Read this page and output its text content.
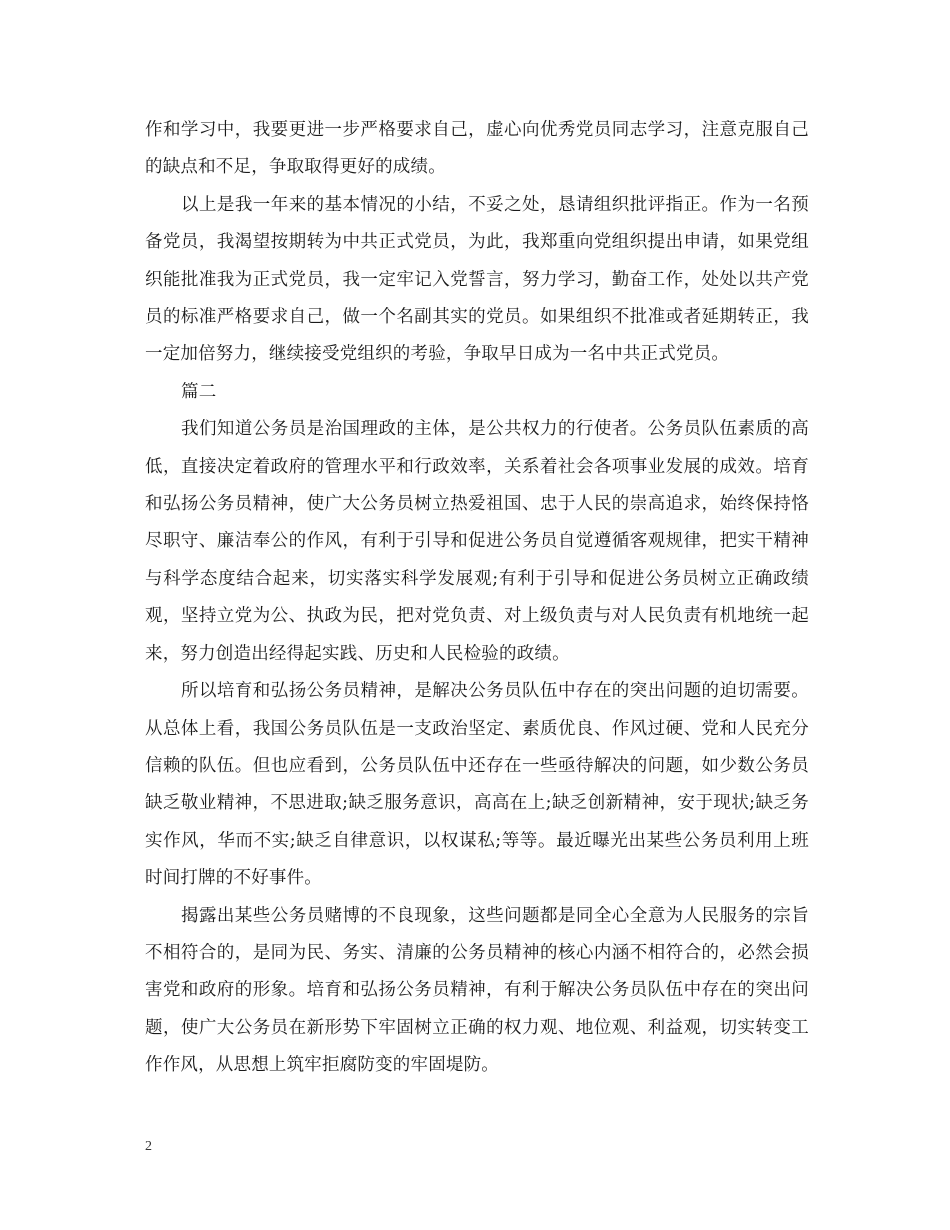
作和学习中，我要更进一步严格要求自己，虚心向优秀党员同志学习，注意克服自己的缺点和不足，争取取得更好的成绩。

以上是我一年来的基本情况的小结，不妥之处，恳请组织批评指正。作为一名预备党员，我渴望按期转为中共正式党员，为此，我郑重向党组织提出申请，如果党组织能批准我为正式党员，我一定牢记入党誓言，努力学习，勤奋工作，处处以共产党员的标准严格要求自己，做一个名副其实的党员。如果组织不批准或者延期转正，我一定加倍努力，继续接受党组织的考验，争取早日成为一名中共正式党员。

篇二

我们知道公务员是治国理政的主体，是公共权力的行使者。公务员队伍素质的高低，直接决定着政府的管理水平和行政效率，关系着社会各项事业发展的成效。培育和弘扬公务员精神，使广大公务员树立热爱祖国、忠于人民的崇高追求，始终保持恪尽职守、廉洁奉公的作风，有利于引导和促进公务员自觉遵循客观规律，把实干精神与科学态度结合起来，切实落实科学发展观;有利于引导和促进公务员树立正确政绩观，坚持立党为公、执政为民，把对党负责、对上级负责与对人民负责有机地统一起来，努力创造出经得起实践、历史和人民检验的政绩。

所以培育和弘扬公务员精神，是解决公务员队伍中存在的突出问题的迫切需要。从总体上看，我国公务员队伍是一支政治坚定、素质优良、作风过硬、党和人民充分信赖的队伍。但也应看到，公务员队伍中还存在一些亟待解决的问题，如少数公务员缺乏敬业精神，不思进取;缺乏服务意识，高高在上;缺乏创新精神，安于现状;缺乏务实作风，华而不实;缺乏自律意识，以权谋私;等等。最近曝光出某些公务员利用上班时间打牌的不好事件。

揭露出某些公务员赌博的不良现象，这些问题都是同全心全意为人民服务的宗旨不相符合的，是同为民、务实、清廉的公务员精神的核心内涵不相符合的，必然会损害党和政府的形象。培育和弘扬公务员精神，有利于解决公务员队伍中存在的突出问题，使广大公务员在新形势下牢固树立正确的权力观、地位观、利益观，切实转变工作作风，从思想上筑牢拒腐防变的牢固堤防。

2
